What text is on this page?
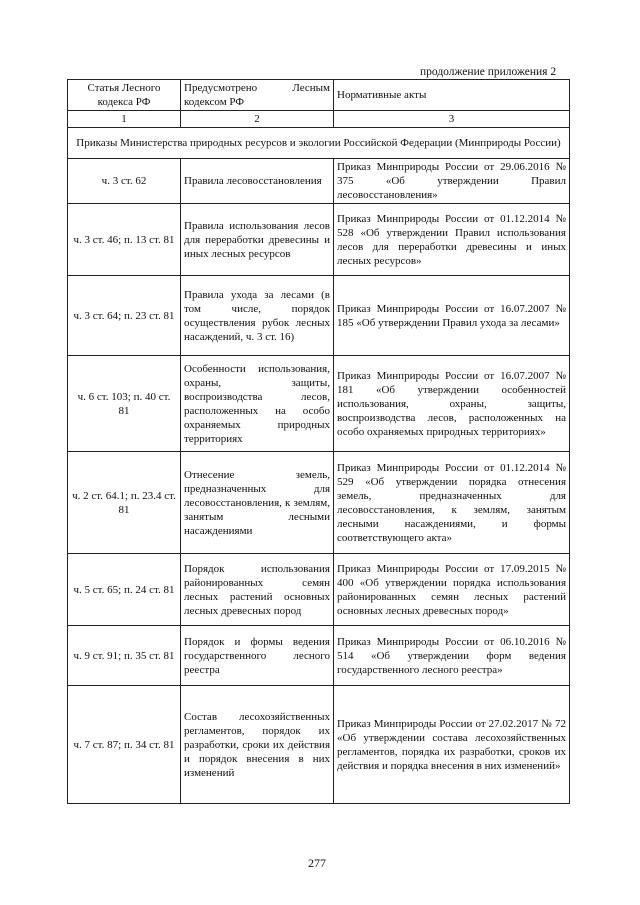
продолжение приложения 2
Статья Лесного кодекса РФ	Предусмотрено Лесным кодексом РФ	Нормативные акты
1	2	3
Приказы Министерства природных ресурсов и экологии Российской Федерации (Минприроды России)		
ч. 3 ст. 62	Правила лесовосстановления	Приказ Минприроды России от 29.06.2016 № 375 «Об утверждении Правил лесовосстановления»
ч. 3 ст. 46; п. 13 ст. 81	Правила использования лесов для переработки древесины и иных лесных ресурсов	Приказ Минприроды России от 01.12.2014 № 528 «Об утверждении Правил использования лесов для переработки древесины и иных лесных ресурсов»
ч. 3 ст. 64; п. 23 ст. 81	Правила ухода за лесами (в том числе, порядок осуществления рубок лесных насаждений, ч. 3 ст. 16)	Приказ Минприроды России от 16.07.2007 № 185 «Об утверждении Правил ухода за лесами»
ч. 6 ст. 103; п. 40 ст. 81	Особенности использования, охраны, защиты, воспроизводства лесов, расположенных на особо охраняемых природных территориях	Приказ Минприроды России от 16.07.2007 № 181 «Об утверждении особенностей использования, охраны, защиты, воспроизводства лесов, расположенных на особо охраняемых природных территориях»
ч. 2 ст. 64.1; п. 23.4 ст. 81	Отнесение земель, предназначенных для лесовосстановления, к землям, занятым лесными насаждениями	Приказ Минприроды России от 01.12.2014 № 529 «Об утверждении порядка отнесения земель, предназначенных для лесовосстановления, к землям, занятым лесными насаждениями, и формы соответствующего акта»
ч. 5 ст. 65; п. 24 ст. 81	Порядок использования районированных семян лесных растений основных лесных древесных пород	Приказ Минприроды России от 17.09.2015 № 400 «Об утверждении порядка использования районированных семян лесных растений основных лесных древесных пород»
ч. 9 ст. 91; п. 35 ст. 81	Порядок и формы ведения государственного лесного реестра	Приказ Минприроды России от 06.10.2016 № 514 «Об утверждении форм ведения государственного лесного реестра»
ч. 7 ст. 87; п. 34 ст. 81	Состав лесохозяйственных регламентов, порядок их разработки, сроки их действия и порядок внесения в них изменений	Приказ Минприроды России от 27.02.2017 № 72 «Об утверждении состава лесохозяйственных регламентов, порядка их разработки, сроков их действия и порядка внесения в них изменений»
277
